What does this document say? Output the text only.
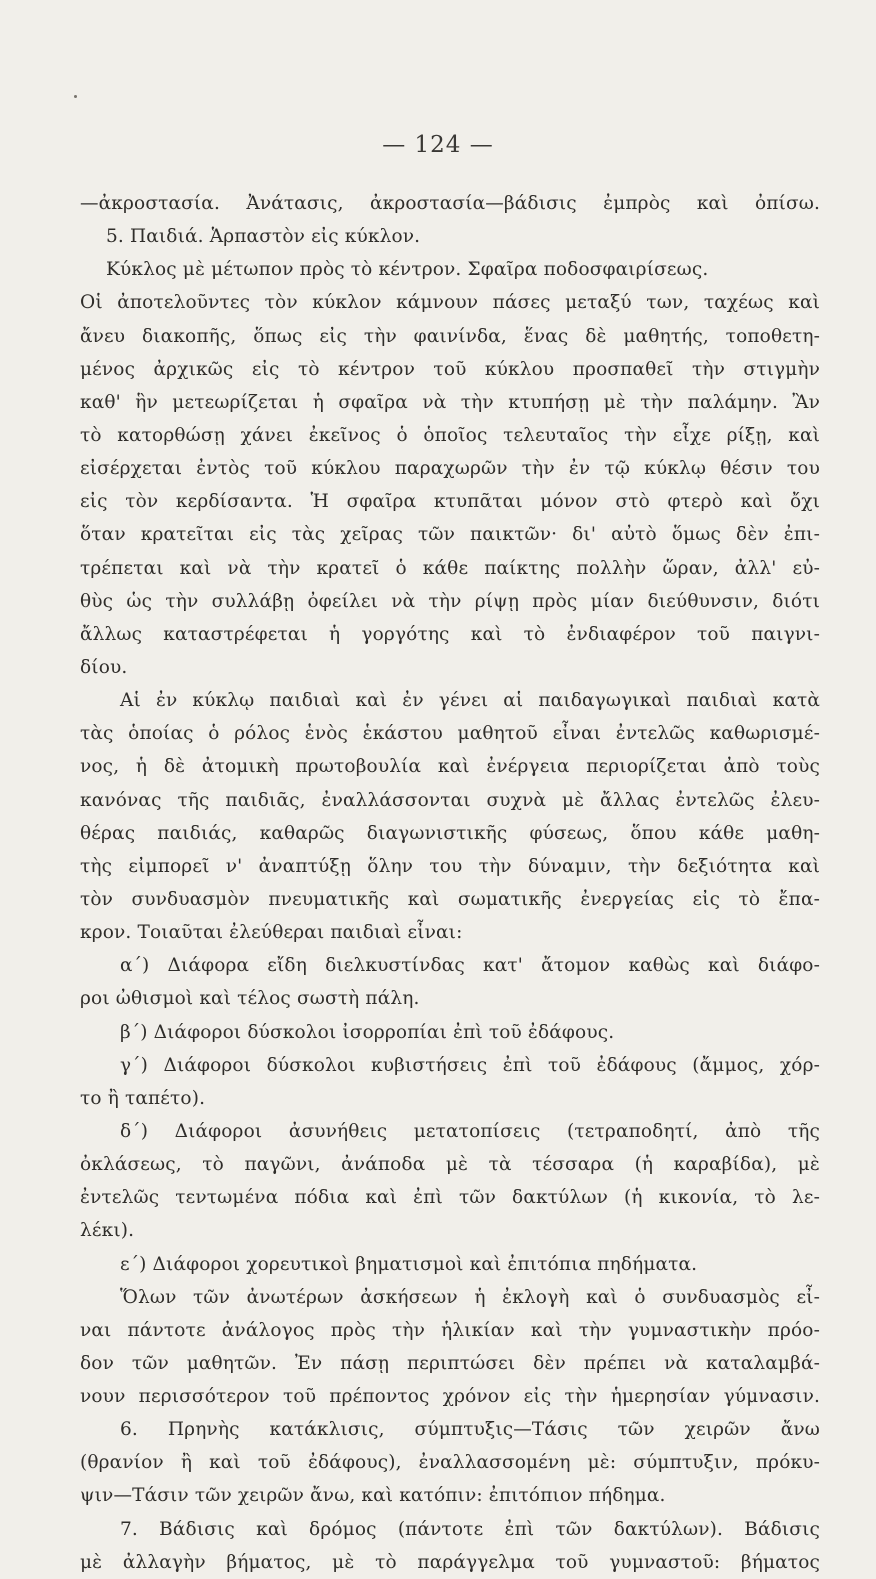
— 124 —
—ἀκροστασία. Ἀνάτασις, ἀκροστασία—βάδισις ἐμπρὸς καὶ ὀπίσω.
5. Παιδιά. Ἁρπαστὸν εἰς κύκλον.
Κύκλος μὲ μέτωπον πρὸς τὸ κέντρον. Σφαῖρα ποδοσφαιρίσεως.
Οἱ ἀποτελοῦντες τὸν κύκλον κάμνουν πάσες μεταξύ των, ταχέως καὶ
ἄνευ διακοπῆς, ὅπως εἰς τὴν φαινίνδα, ἕνας δὲ μαθητής, τοποθετη-
μένος ἀρχικῶς εἰς τὸ κέντρον τοῦ κύκλου προσπαθεῖ τὴν στιγμὴν
καθ' ἣν μετεωρίζεται ἡ σφαῖρα νὰ τὴν κτυπήσῃ μὲ τὴν παλάμην. Ἂν
τὸ κατορθώσῃ χάνει ἐκεῖνος ὁ ὁποῖος τελευταῖος τὴν εἶχε ρίξῃ, καὶ
εἰσέρχεται ἐντὸς τοῦ κύκλου παραχωρῶν τὴν ἐν τῷ κύκλῳ θέσιν του
εἰς τὸν κερδίσαντα. Ἡ σφαῖρα κτυπᾶται μόνον στὸ φτερὸ καὶ ὄχι
ὅταν κρατεῖται εἰς τὰς χεῖρας τῶν παικτῶν· δι' αὐτὸ ὅμως δὲν ἐπι-
τρέπεται καὶ νὰ τὴν κρατεῖ ὁ κάθε παίκτης πολλὴν ὥραν, ἀλλ' εὐ-
θὺς ὡς τὴν συλλάβῃ ὀφείλει νὰ τὴν ρίψῃ πρὸς μίαν διεύθυνσιν, διότι
ἄλλως καταστρέφεται ἡ γοργότης καὶ τὸ ἐνδιαφέρον τοῦ παιγνι-
δίου.
Αἱ ἐν κύκλῳ παιδιαὶ καὶ ἐν γένει αἱ παιδαγωγικαὶ παιδιαὶ κατὰ
τὰς ὁποίας ὁ ρόλος ἑνὸς ἑκάστου μαθητοῦ εἶναι ἐντελῶς καθωρισμέ-
νος, ἡ δὲ ἀτομικὴ πρωτοβουλία καὶ ἐνέργεια περιορίζεται ἀπὸ τοὺς
κανόνας τῆς παιδιᾶς, ἐναλλάσσονται συχνὰ μὲ ἄλλας ἐντελῶς ἐλευ-
θέρας παιδιάς, καθαρῶς διαγωνιστικῆς φύσεως, ὅπου κάθε μαθη-
τὴς εἰμπορεῖ ν' ἀναπτύξῃ ὅλην του τὴν δύναμιν, τὴν δεξιότητα καὶ
τὸν συνδυασμὸν πνευματικῆς καὶ σωματικῆς ἐνεργείας εἰς τὸ ἔπα-
κρον. Τοιαῦται ἐλεύθεραι παιδιαὶ εἶναι:
α΄) Διάφορα εἴδη διελκυστίνδας κατ' ἄτομον καθὼς καὶ διάφο-
ροι ὠθισμοὶ καὶ τέλος σωστὴ πάλη.
β΄) Διάφοροι δύσκολοι ἰσορροπίαι ἐπὶ τοῦ ἐδάφους.
γ΄) Διάφοροι δύσκολοι κυβιστήσεις ἐπὶ τοῦ ἐδάφους (ἄμμος, χόρ-
το ἢ ταπέτο).
δ΄) Διάφοροι ἀσυνήθεις μετατοπίσεις (τετραποδητί, ἀπὸ τῆς
ὀκλάσεως, τὸ παγῶνι, ἀνάποδα μὲ τὰ τέσσαρα (ἡ καραβίδα), μὲ
ἐντελῶς τεντωμένα πόδια καὶ ἐπὶ τῶν δακτύλων (ἡ κικονία, τὸ λε-
λέκι).
ε΄) Διάφοροι χορευτικοὶ βηματισμοὶ καὶ ἐπιτόπια πηδήματα.
Ὅλων τῶν ἀνωτέρων ἀσκήσεων ἡ ἐκλογὴ καὶ ὁ συνδυασμὸς εἶ-
ναι πάντοτε ἀνάλογος πρὸς τὴν ἡλικίαν καὶ τὴν γυμναστικὴν πρόο-
δον τῶν μαθητῶν. Ἐν πάσῃ περιπτώσει δὲν πρέπει νὰ καταλαμβά-
νουν περισσότερον τοῦ πρέποντος χρόνον εἰς τὴν ἡμερησίαν γύμνασιν.
6. Πρηνὴς κατάκλισις, σύμπτυξις—Τάσις τῶν χειρῶν ἄνω
(θρανίον ἢ καὶ τοῦ ἐδάφους), ἐναλλασσομένη μὲ: σύμπτυξιν, πρόκυ-
ψιν—Τάσιν τῶν χειρῶν ἄνω, καὶ κατόπιν: ἐπιτόπιον πήδημα.
7. Βάδισις καὶ δρόμος (πάντοτε ἐπὶ τῶν δακτύλων). Βάδισις
μὲ ἀλλαγὴν βήματος, μὲ τὸ παράγγελμα τοῦ γυμναστοῦ: βήματος
